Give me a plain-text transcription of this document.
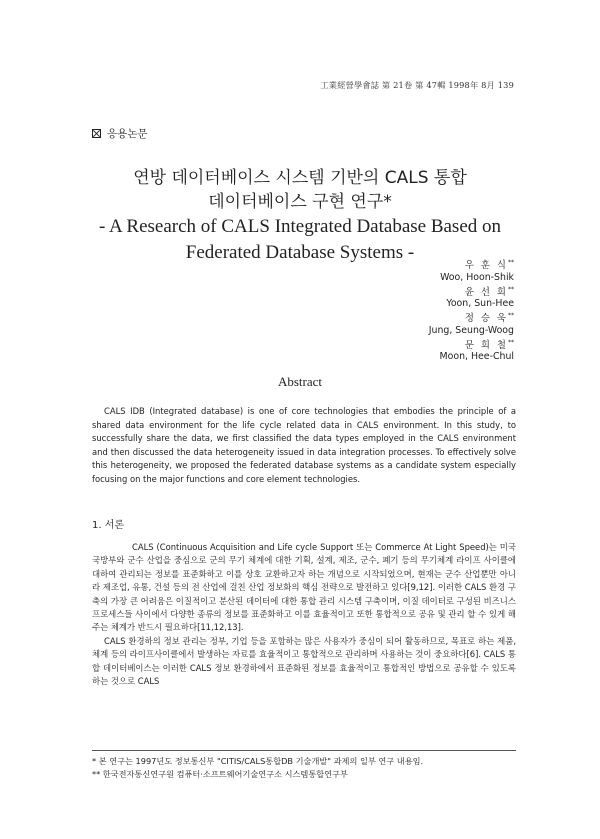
工業經營學會誌 第 21卷 第 47輯 1998年 8月 139
응용논문
연방 데이터베이스 시스템 기반의 CALS 통합
데이터베이스 구현 연구*
- A Research of CALS Integrated Database Based on
Federated Database Systems -
우 훈 식**
Woo, Hoon-Shik
윤 선 희**
Yoon, Sun-Hee
정 승 욱**
Jung, Seung-Woog
문 희 철**
Moon, Hee-Chul
Abstract

CALS IDB (Integrated database) is one of core technologies that embodies the principle of a shared data environment for the life cycle related data in CALS environment. In this study, to successfully share the data, we first classified the data types employed in the CALS environment and then discussed the data heterogeneity issued in data integration processes. To effectively solve this heterogeneity, we proposed the federated database systems as a candidate system especially focusing on the major functions and core element technologies.

1. 서론

CALS (Continuous Acquisition and Life cycle Support 또는 Commerce At Light Speed)는 미국 국방부와 군수 산업을 중심으로 군의 무기 체계에 대한 기획, 설계, 제조, 군수, 폐기 등의 무기체계 라이프 사이클에 대하여 관리되는 정보를 표준화하고 이를 상호 교환하고자 하는 개념으로 시작되었으며, 현재는 군수 산업뿐만 아니라 제조업, 유통, 건설 등의 전 산업에 걸친 산업 정보화의 핵심 전략으로 발전하고 있다[9,12]. 이러한 CALS 환경 구축의 가장 큰 어려움은 이질적이고 분산된 데이터에 대한 통합 관리 시스템 구축이며, 이질 데이터로 구성된 비즈니스 프로세스들 사이에서 다양한 종류의 정보를 표준화하고 이를 효율적이고 또한 통합적으로 공유 및 관리 할 수 있게 해주는 체계가 반드시 필요하다[11,12,13].

CALS 환경하의 정보 관리는 정부, 기업 등을 포함하는 많은 사용자가 중심이 되어 활동하므로, 목표로 하는 제품, 체계 등의 라이프사이클에서 발생하는 자료를 효율적이고 통합적으로 관리하며 사용하는 것이 중요하다[6]. CALS 통합 데이터베이스는 이러한 CALS 정보 환경하에서 표준화된 정보를 효율적이고 통합적인 방법으로 공유할 수 있도록 하는 것으로 CALS

* 본 연구는 1997년도 정보통신부 "CITIS/CALS통합DB 기술개발" 과제의 일부 연구 내용임.
** 한국전자통신연구원 컴퓨터·소프트웨어기술연구소 시스템통합연구부
